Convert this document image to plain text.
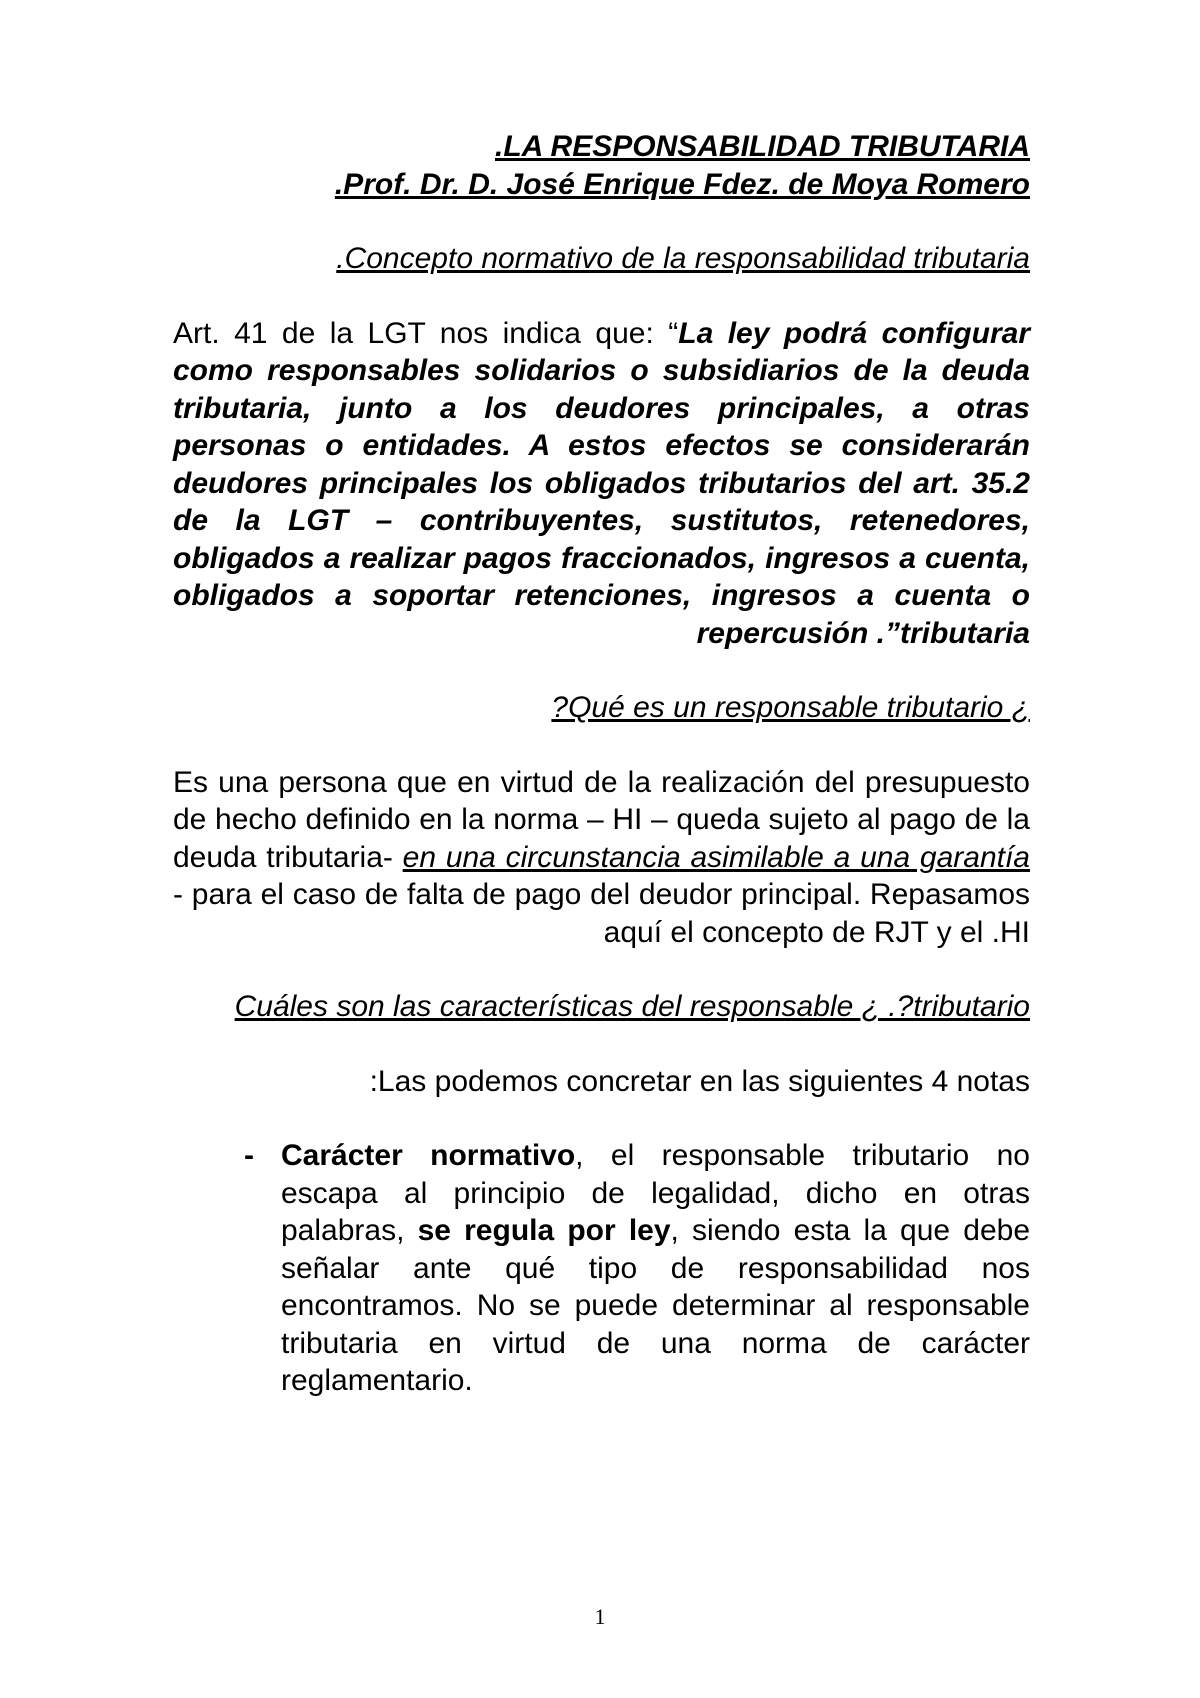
.LA RESPONSABILIDAD TRIBUTARIA
.Prof. Dr. D. José Enrique Fdez. de Moya Romero
.Concepto normativo de la responsabilidad tributaria

Art. 41 de la LGT nos indica que: “La ley podrá configurar como responsables solidarios o subsidiarios de la deuda tributaria, junto a los deudores principales, a otras personas o entidades. A estos efectos se considerarán deudores principales los obligados tributarios del art. 35.2 de la LGT – contribuyentes, sustitutos, retenedores, obligados a realizar pagos fraccionados, ingresos a cuenta, obligados a soportar retenciones, ingresos a cuenta o repercusión .”tributaria

?Qué es un responsable tributario ¿

Es una persona que en virtud de la realización del presupuesto de hecho definido en la norma – HI – queda sujeto al pago de la deuda tributaria- en una circunstancia asimilable a una garantía - para el caso de falta de pago del deudor principal. Repasamos aquí el concepto de RJT y el .HI

Cuáles son las características del responsable ¿ .?tributario

:Las podemos concretar en las siguientes 4 notas
- Carácter normativo, el responsable tributario no escapa al principio de legalidad, dicho en otras palabras, se regula por ley, siendo esta la que debe señalar ante qué tipo de responsabilidad nos encontramos. No se puede determinar al responsable tributaria en virtud de una norma de carácter reglamentario.

1
